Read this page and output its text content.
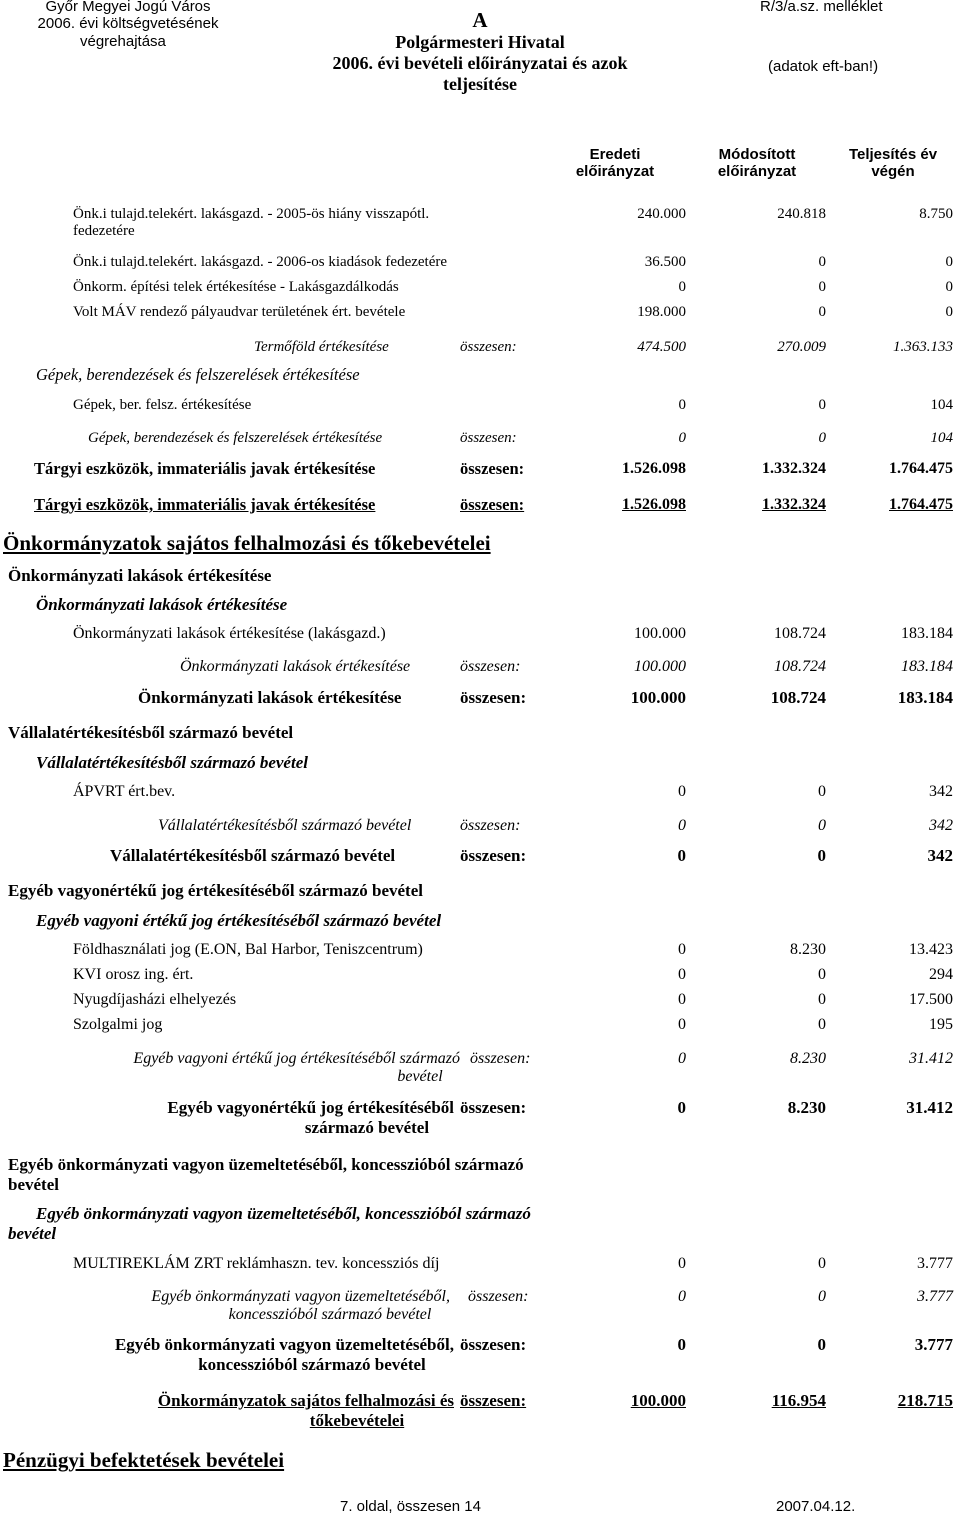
Győr Megyei Jogú Város
2006. évi költségvetésének
végrehajtása
A
Polgármesteri Hivatal
2006. évi bevételi előirányzatai és azok
teljesítése
R/3/a.sz. melléklet
(adatok eft-ban!)
Eredeti
előirányzat
Módosított
előirányzat
Teljesítés év
végén
Önk.i tulajd.telekért. lakásgazd. - 2005-ös hiány visszapótl.
fedezetére
240.000	240.818	8.750
Önk.i tulajd.telekért. lakásgazd. - 2006-os kiadások fedezetére	36.500	0	0
Önkorm. építési telek értékesítése - Lakásgazdálkodás	0	0	0
Volt MÁV rendező pályaudvar területének ért. bevétele	198.000	0	0
Termőföld értékesítése	összesen:	474.500	270.009	1.363.133
Gépek, berendezések és felszerelések értékesítése
Gépek, ber. felsz. értékesítése	0	0	104
Gépek, berendezések és felszerelések értékesítése	összesen:	0	0	104
Tárgyi eszközök, immateriális javak értékesítése	összesen:	1.526.098	1.332.324	1.764.475
Tárgyi eszközök, immateriális javak értékesítése	összesen:	1.526.098	1.332.324	1.764.475
Önkormányzatok sajátos felhalmozási és tőkebevételei
Önkormányzati lakások értékesítése
Önkormányzati lakások értékesítése
Önkormányzati lakások értékesítése (lakásgazd.)	100.000	108.724	183.184
Önkormányzati lakások értékesítése	összesen:	100.000	108.724	183.184
Önkormányzati lakások értékesítése	összesen:	100.000	108.724	183.184
Vállalatértékesítésből származó bevétel
Vállalatértékesítésből származó bevétel
ÁPVRT ért.bev.	0	0	342
Vállalatértékesítésből származó bevétel	összesen:	0	0	342
Vállalatértékesítésből származó bevétel	összesen:	0	0	342
Egyéb vagyonértékű jog értékesítéséből származó bevétel
Egyéb vagyoni értékű jog értékesítéséből származó bevétel
Földhasználati jog (E.ON, Bal Harbor, Teniszcentrum)	0	8.230	13.423
KVI orosz ing. ért.	0	0	294
Nyugdíjasházi elhelyezés	0	0	17.500
Szolgalmi jog	0	0	195
Egyéb vagyoni értékű jog értékesítéséből származó
bevétel
összesen:	0	8.230	31.412
Egyéb vagyonértékű jog értékesítéséből
származó bevétel
összesen:	0	8.230	31.412
Egyéb önkormányzati vagyon üzemeltetéséből, koncesszióból származó
bevétel
Egyéb önkormányzati vagyon üzemeltetéséből, koncesszióból származó
bevétel
MULTIREKLÁM ZRT reklámhaszn. tev. koncessziós díj	0	0	3.777
Egyéb önkormányzati vagyon üzemeltetéséből,
koncesszióból származó bevétel
összesen:	0	0	3.777
Egyéb önkormányzati vagyon üzemeltetéséből,
koncesszióból származó bevétel
összesen:	0	0	3.777
Önkormányzatok sajátos felhalmozási és
tőkebevételei
összesen:	100.000	116.954	218.715
Pénzügyi befektetések bevételei
7. oldal, összesen 14	2007.04.12.
